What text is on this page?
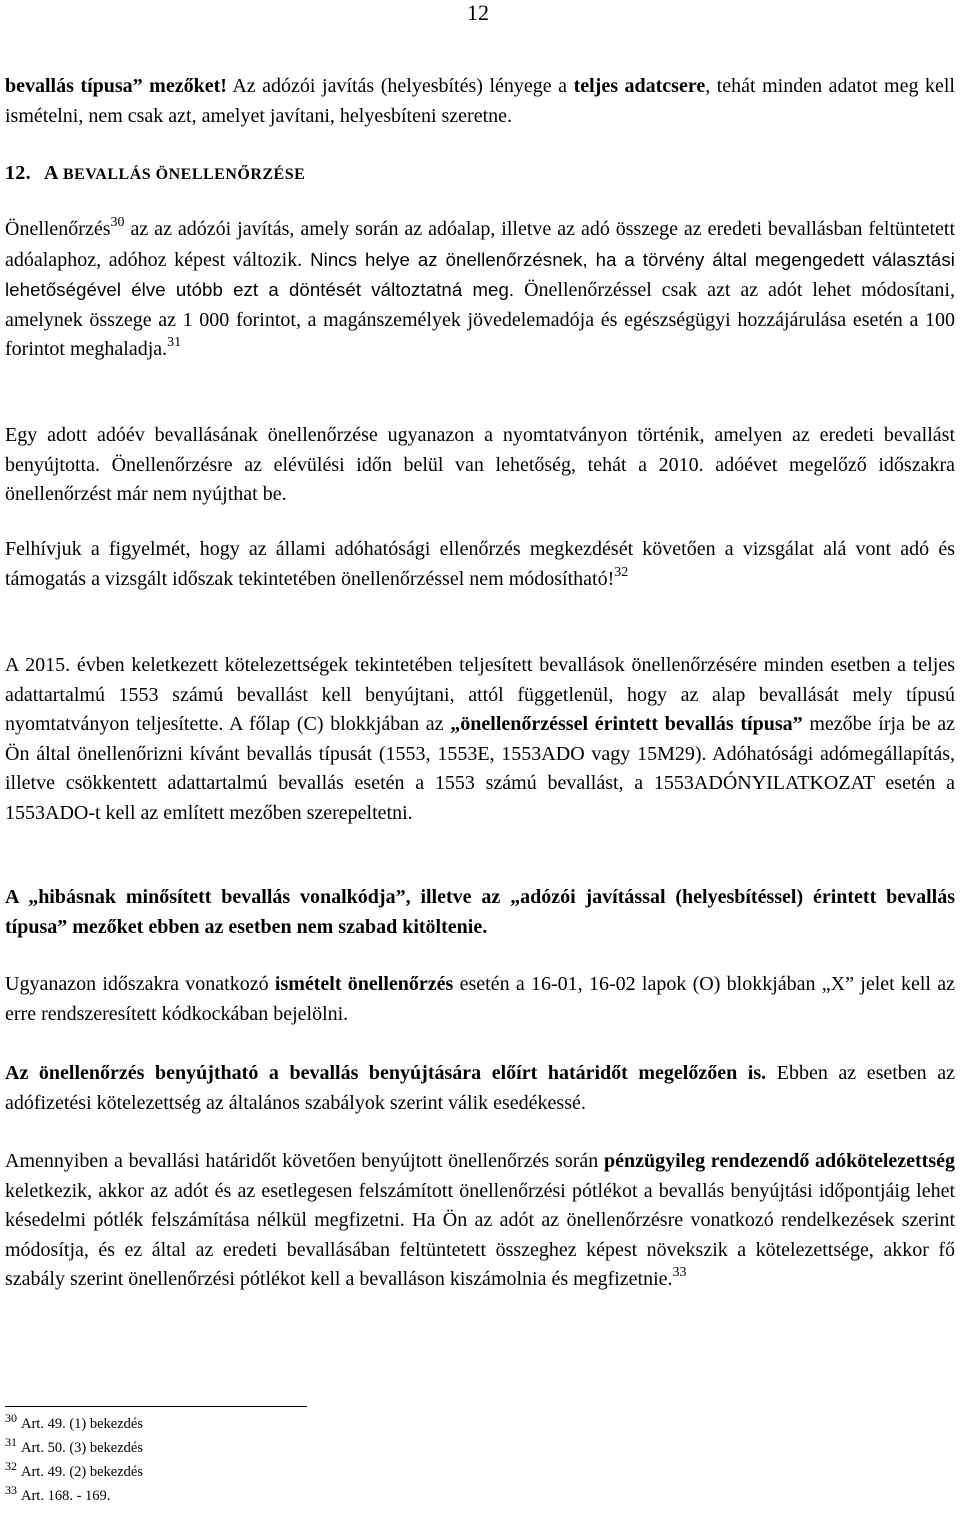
12

bevallás típusa” mezőket! Az adózói javítás (helyesbítés) lényege a teljes adatcsere, tehát minden adatot meg kell ismételni, nem csak azt, amelyet javítani, helyesbíteni szeretne.

12. A BEVALLÁS ÖNELLENŐRZÉSE

Önellenőrzés$^{30}$ az az adózói javítás, amely során az adóalap, illetve az adó összege az eredeti bevallásban feltüntetett adóalaphoz, adóhoz képest változik. Nincs helye az önellenőrzésnek, ha a törvény által megengedett választási lehetőségével élve utóbb ezt a döntését változtatná meg. Önellenőrzéssel csak azt az adót lehet módosítani, amelynek összege az 1 000 forintot, a magánszemélyek jövedelemadója és egészségügyi hozzájárulása esetén a 100 forintot meghaladja.$^{31}$

Egy adott adóév bevallásának önellenőrzése ugyanazon a nyomtatványon történik, amelyen az eredeti bevallást benyújtotta. Önellenőrzésre az elévülési időn belül van lehetőség, tehát a 2010. adóévet megelőző időszakra önellenőrzést már nem nyújthat be.

Felhívjuk a figyelmét, hogy az állami adóhatósági ellenőrzés megkezdését követően a vizsgálat alá vont adó és támogatás a vizsgált időszak tekintetében önellenőrzéssel nem módosítható!$^{32}$

A 2015. évben keletkezett kötelezettségek tekintetében teljesített bevallások önellenőrzésére minden esetben a teljes adattartalmú 1553 számú bevallást kell benyújtani, attól függetlenül, hogy az alap bevallását mely típusú nyomtatványon teljesítette. A főlap (C) blokkjában az „önellenőrzéssel érintett bevallás típusa” mezőbe írja be az Ön által önellenőrizni kívánt bevallás típusát (1553, 1553E, 1553ADO vagy 15M29). Adóhatósági adómegállapítás, illetve csökkentett adattartalmú bevallás esetén a 1553 számú bevallást, a 1553ADÓNYILATKOZAT esetén a 1553ADO-t kell az említett mezőben szerepeltetni.

A „hibásnak minősített bevallás vonalkódja”, illetve az „adózói javítással (helyesbítéssel) érintett bevallás típusa” mezőket ebben az esetben nem szabad kitöltenie.

Ugyanazon időszakra vonatkozó ismételt önellenőrzés esetén a 16-01, 16-02 lapok (O) blokkjában „X” jelet kell az erre rendszeresített kódkockában bejelölni.

Az önellenőrzés benyújtható a bevallás benyújtására előírt határidőt megelőzően is. Ebben az esetben az adófizetési kötelezettség az általános szabályok szerint válik esedékessé.

Amennyiben a bevallási határidőt követően benyújtott önellenőrzés során pénzügyileg rendezendő adókötelezettség keletkezik, akkor az adót és az esetlegesen felszámított önellenőrzési pótlékot a bevallás benyújtási időpontjáig lehet késedelmi pótlék felszámítása nélkül megfizetni. Ha Ön az adót az önellenőrzésre vonatkozó rendelkezések szerint módosítja, és ez által az eredeti bevallásában feltüntetett összeghez képest növekszik a kötelezettsége, akkor fő szabály szerint önellenőrzési pótlékot kell a bevalláson kiszámolnia és megfizetnie.$^{33}$

$^{30}$ Art. 49. (1) bekezdés
$^{31}$ Art. 50. (3) bekezdés
$^{32}$ Art. 49. (2) bekezdés
$^{33}$ Art. 168. - 169.
